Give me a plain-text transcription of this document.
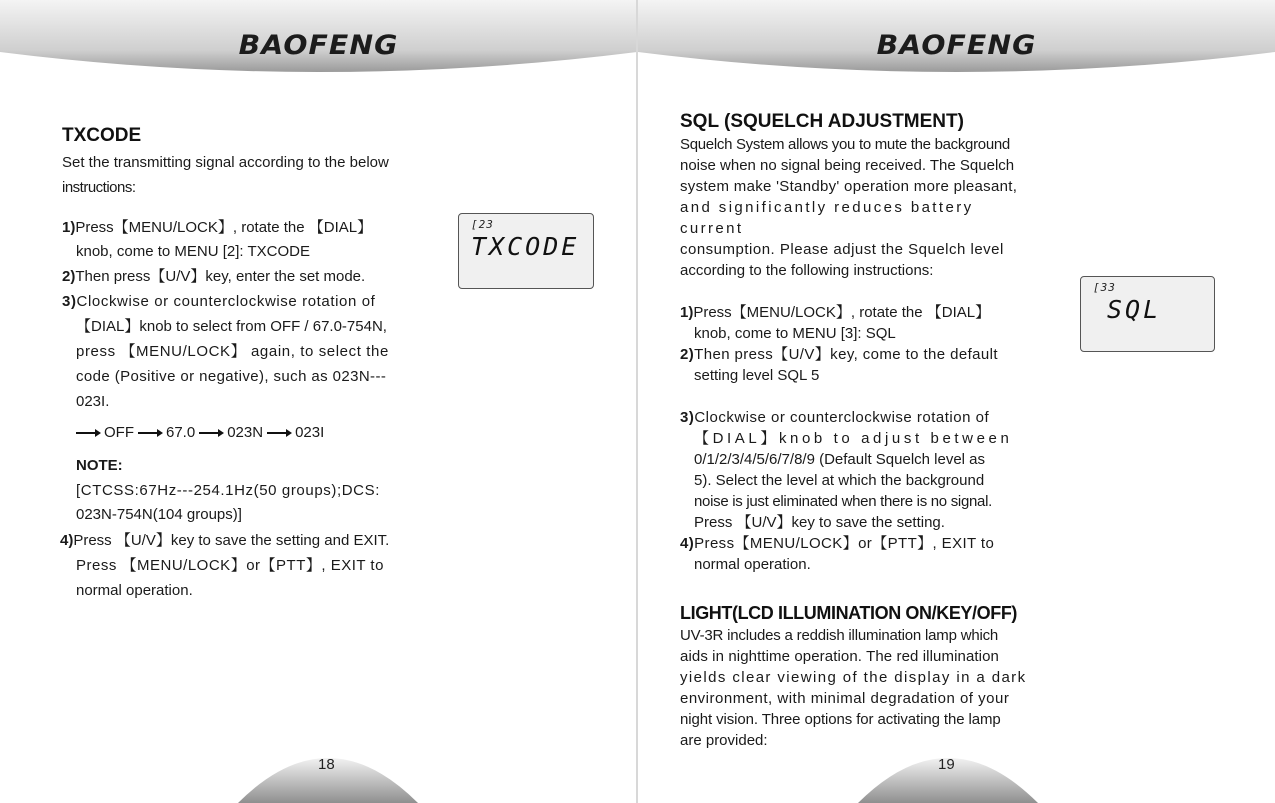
BAOFENG

TXCODE

Set the transmitting signal according to the below

instructions:

1)Press【MENU/LOCK】, rotate the 【DIAL】

knob, come to MENU [2]: TXCODE

2)Then press【U/V】key, enter the set mode.

3)Clockwise or counterclockwise rotation of

【DIAL】knob to select from OFF / 67.0-754N,

press 【MENU/LOCK】 again, to select the

code (Positive or negative), such as 023N---

023I.

OFF 67.0 023N 023I

NOTE:

[CTCSS:67Hz---254.1Hz(50 groups);DCS:

023N-754N(104 groups)]

4)Press 【U/V】key to save the setting and EXIT.

Press 【MENU/LOCK】or【PTT】, EXIT to

normal operation.

[23
TXCODE
18
BAOFENG

SQL (SQUELCH ADJUSTMENT)

Squelch System allows you to mute the background

noise when no signal being received. The Squelch

system make 'Standby' operation more pleasant,

and significantly reduces battery current

consumption. Please adjust the Squelch level

according to the following instructions:

1)Press【MENU/LOCK】, rotate the 【DIAL】

knob, come to MENU [3]: SQL

2)Then press【U/V】key, come to the default

setting level SQL 5

3)Clockwise or counterclockwise rotation of

【DIAL】knob to adjust between

0/1/2/3/4/5/6/7/8/9 (Default Squelch level as

5). Select the level at which the background

noise is just eliminated when there is no signal.

Press 【U/V】key to save the setting.

4)Press【MENU/LOCK】or【PTT】, EXIT to

normal operation.

LIGHT(LCD ILLUMINATION ON/KEY/OFF)

UV-3R includes a reddish illumination lamp which

aids in nighttime operation. The red illumination

yields clear viewing of the display in a dark

environment, with minimal degradation of your

night vision. Three options for activating the lamp

are provided:

[33
SQL
19
